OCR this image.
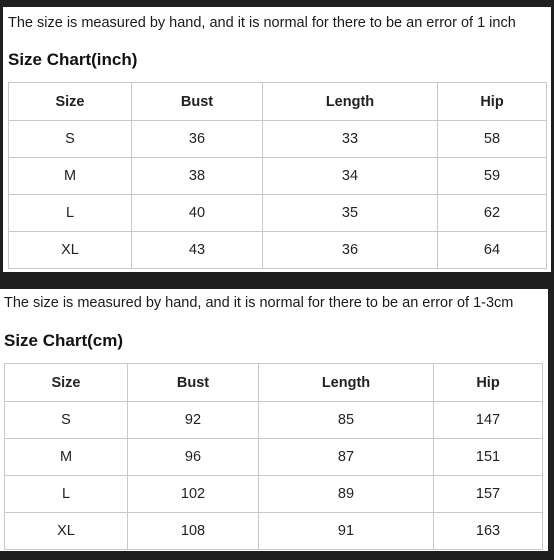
The size is measured by hand, and it is normal for there to be an error of 1 inch
Size Chart(inch)
Size	Bust	Length	Hip
S	36	33	58
M	38	34	59
L	40	35	62
XL	43	36	64
The size is measured by hand, and it is normal for there to be an error of 1-3cm
Size Chart(cm)
Size	Bust	Length	Hip
S	92	85	147
M	96	87	151
L	102	89	157
XL	108	91	163
